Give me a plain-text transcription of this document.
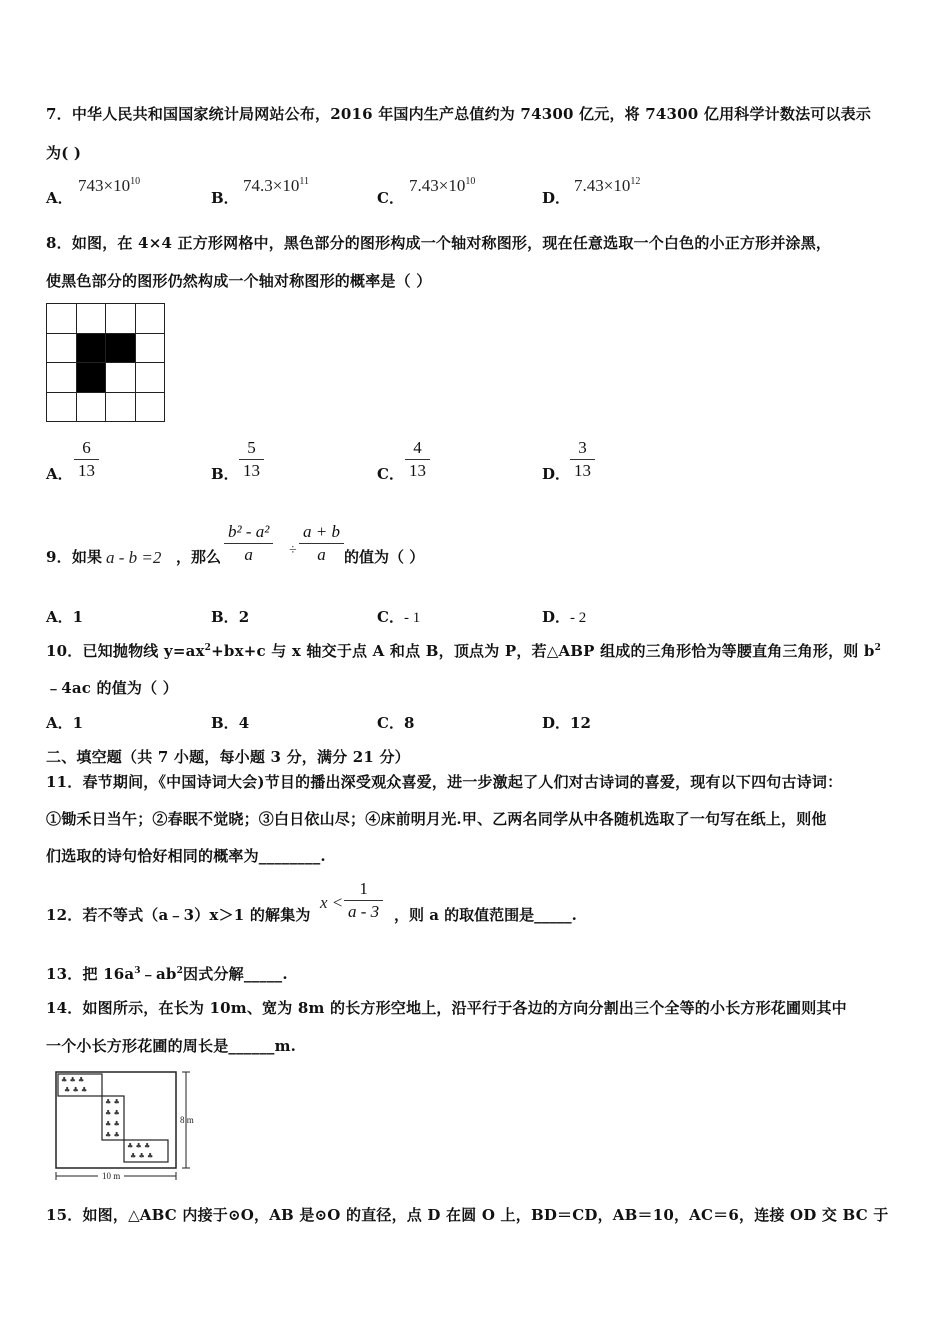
7．中华人民共和国国家统计局网站公布，2016 年国内生产总值约为 74300 亿元，将 74300 亿用科学计数法可以表示
为( )
A．
$743\times 10^{10}$
B．
$74.3\times 10^{11}$
C．
$7.43\times 10^{10}$
D．
$7.43\times 10^{12}$
8．如图，在 4×4 正方形网格中，黑色部分的图形构成一个轴对称图形，现在任意选取一个白色的小正方形并涂黑，
使黑色部分的图形仍然构成一个轴对称图形的概率是（ ）
A．
6
13	B．
5
13	C．
4
13	D．
3
13
9．如果 a - b =2 ，那么
b² - a²
a	÷
a + b
a	的值为（ ）
A．1	B．2	C．- 1	D．- 2
10．已知抛物线 $y=ax^2+bx+c$ 与 x 轴交于点 A 和点 B，顶点为 P，若△ABP 组成的三角形恰为等腰直角三角形，则 $b^2$
﹣4ac 的值为（ ）
A．1	B．4	C．8	D．12
二、填空题（共 7 小题，每小题 3 分，满分 21 分）
11．春节期间，《中国诗词大会)节目的播出深受观众喜爱，进一步激起了人们对古诗词的喜爱，现有以下四句古诗词：
①锄禾日当午；②春眠不觉晓；③白日依山尽；④床前明月光.甲、乙两名同学从中各随机选取了一句写在纸上，则他
们选取的诗句恰好相同的概率为________.
12．若不等式（a﹣3）x＞1 的解集为
x <
1
a - 3 ，则 a 的取值范围是_____.
13．把 $16a^3﹣ab^2$因式分解_____.
14．如图所示，在长为 10m、宽为 8m 的长方形空地上，沿平行于各边的方向分割出三个全等的小长方形花圃则其中
一个小长方形花圃的周长是______m.
♣ ♣ ♣
♣ ♣ ♣
♣ ♣
♣ ♣
♣ ♣
♣ ♣
♣ ♣ ♣
♣ ♣ ♣
8 m
10 m
15．如图，△ABC 内接于⊙O，AB 是⊙O 的直径，点 D 在圆 O 上，BD＝CD，AB＝10，AC＝6，连接 OD 交 BC 于
